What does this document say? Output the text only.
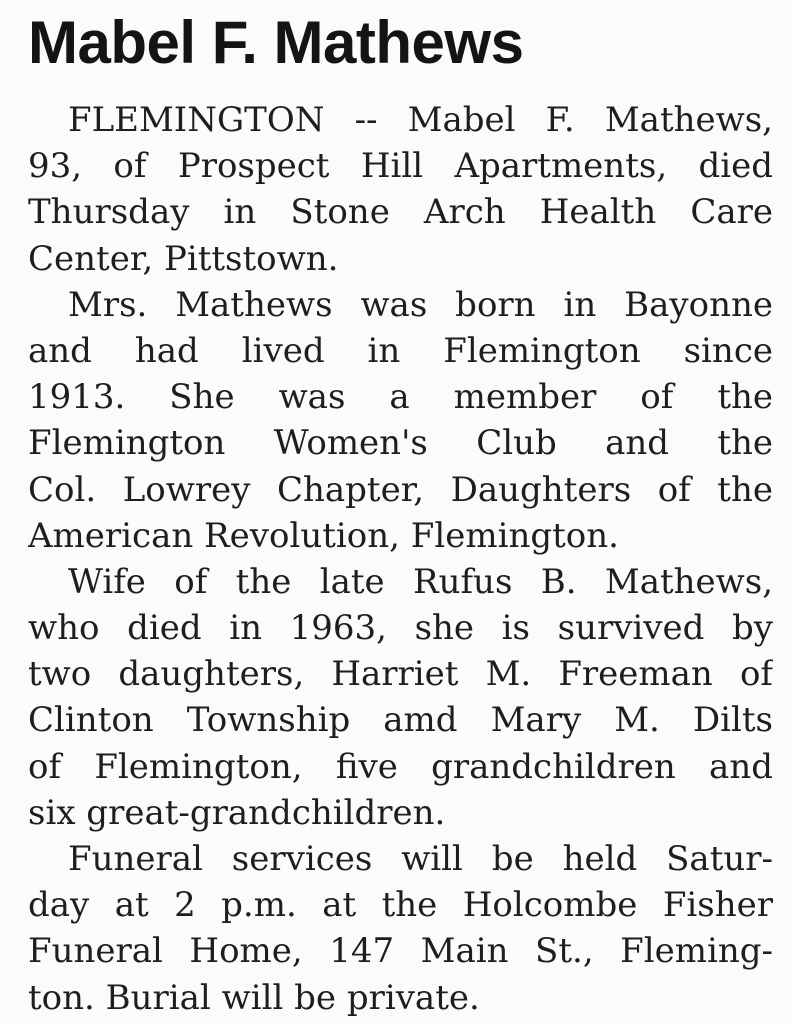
Mabel F. Mathews

FLEMINGTON -- Mabel F. Mathews,
93, of Prospect Hill Apartments, died
Thursday in Stone Arch Health Care
Center, Pittstown.

Mrs. Mathews was born in Bayonne
and had lived in Flemington since
1913. She was a member of the
Flemington Women's Club and the
Col. Lowrey Chapter, Daughters of the
American Revolution, Flemington.

Wife of the late Rufus B. Mathews,
who died in 1963, she is survived by
two daughters, Harriet M. Freeman of
Clinton Township amd Mary M. Dilts
of Flemington, five grandchildren and
six great-grandchildren.

Funeral services will be held Satur-
day at 2 p.m. at the Holcombe Fisher
Funeral Home, 147 Main St., Fleming-
ton. Burial will be private.
